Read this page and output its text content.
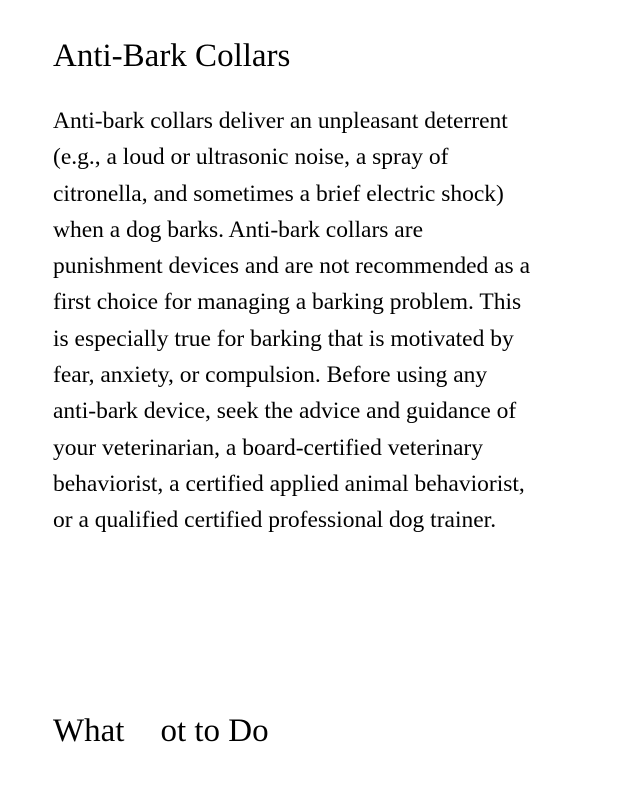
Anti-Bark Collars

Anti-bark collars deliver an unpleasant deterrent (e.g., a loud or ultrasonic noise, a spray of citronella, and sometimes a brief electric shock) when a dog barks. Anti-bark collars are punishment devices and are not recommended as a first choice for managing a barking problem. This is especially true for barking that is motivated by fear, anxiety, or compulsion. Before using any anti-bark device, seek the advice and guidance of your veterinarian, a board-certified veterinary behaviorist, a certified applied animal behaviorist, or a qualified certified professional dog trainer.

What ot to Do
